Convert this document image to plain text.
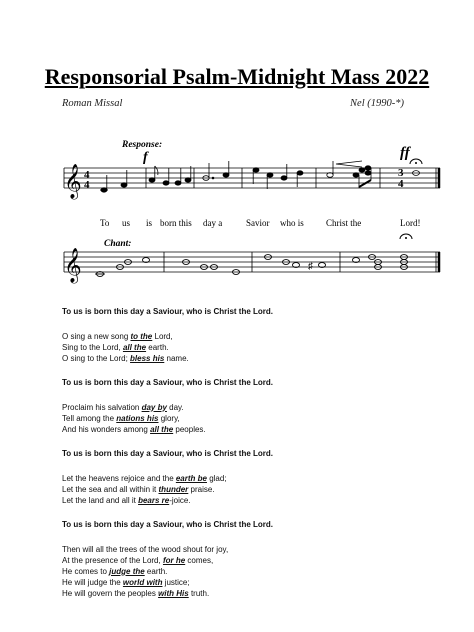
Responsorial Psalm-Midnight Mass 2022
Roman Missal	Nel (1990-*)
Response:
f	ff
𝄞 4
4
3
4
To us is born this day a	Savior who is Christ the	Lord!
Chant:
𝄞	♯

To us is born this day a Saviour, who is Christ the Lord.

O sing a new song to the Lord,
Sing to the Lord, all the earth.
O sing to the Lord; bless his name.

To us is born this day a Saviour, who is Christ the Lord.

Proclaim his salvation day by day.
Tell among the nations his glory,
And his wonders among all the peoples.

To us is born this day a Saviour, who is Christ the Lord.

Let the heavens rejoice and the earth be glad;
Let the sea and all within it thunder praise.
Let the land and all it bears re-joice.

To us is born this day a Saviour, who is Christ the Lord.

Then will all the trees of the wood shout for joy,
At the presence of the Lord, for he comes,
He comes to judge the earth.
He will judge the world with justice;
He will govern the peoples with His truth.
